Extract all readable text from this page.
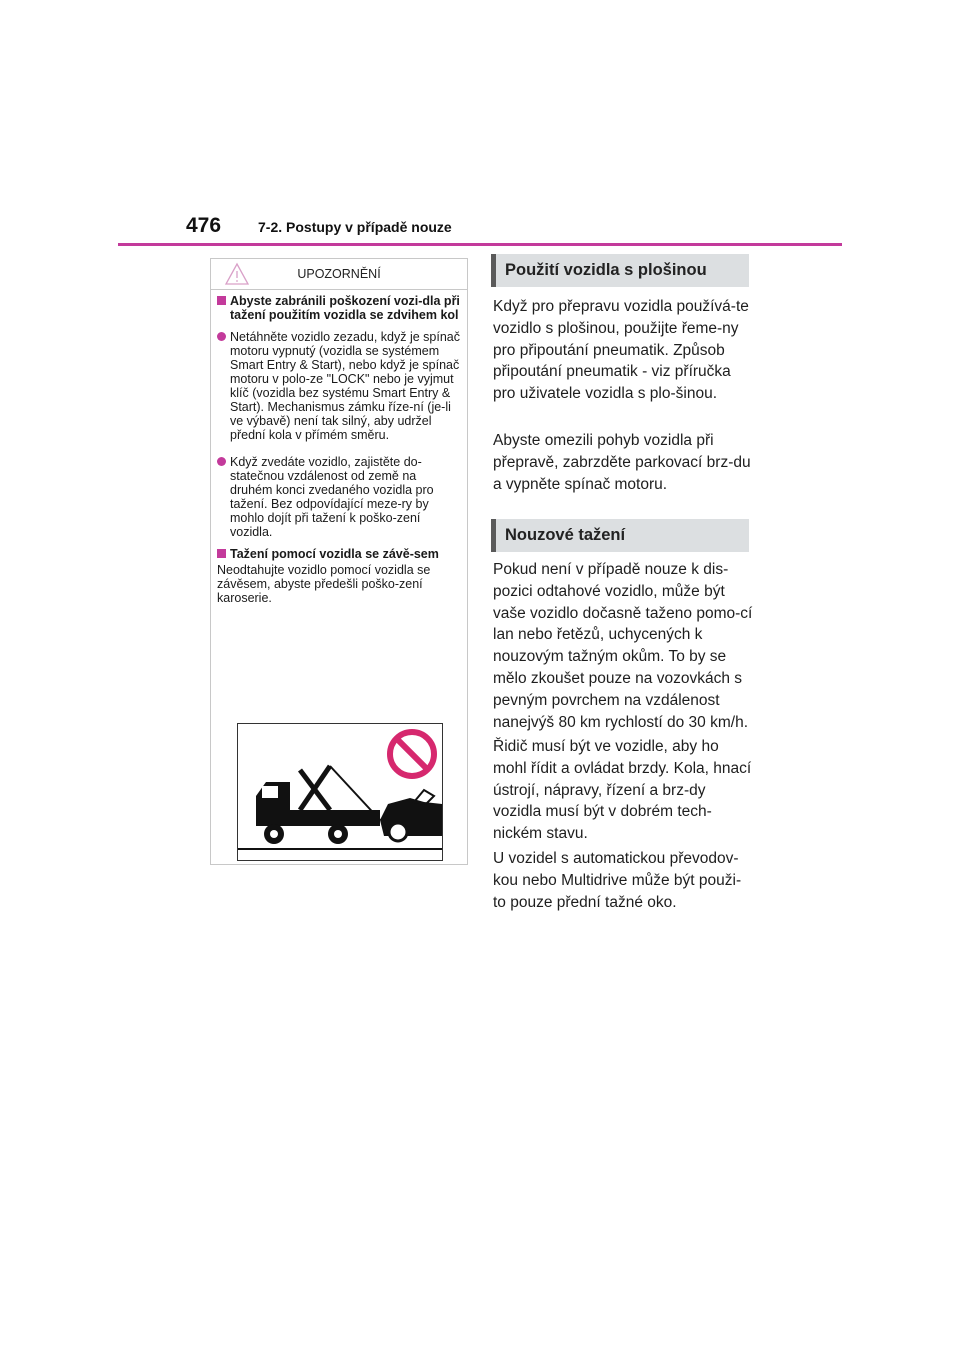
476	7-2. Postupy v případě nouze
UPOZORNĚNÍ
Abyste zabránili poškození vozi-dla při tažení použitím vozidla se zdvihem kol
Netáhněte vozidlo zezadu, když je spínač motoru vypnutý (vozidla se systémem Smart Entry & Start), nebo když je spínač motoru v polo-ze "LOCK" nebo je vyjmut klíč (vozidla bez systému Smart Entry & Start). Mechanismus zámku říze-ní (je-li ve výbavě) není tak silný, aby udržel přední kola v přímém směru.
Když zvedáte vozidlo, zajistěte do-statečnou vzdálenost od země na druhém konci zvedaného vozidla pro tažení. Bez odpovídající meze-ry by mohlo dojít při tažení k poško-zení vozidla.
Tažení pomocí vozidla se závě-sem
Neodtahujte vozidlo pomocí vozidla se závěsem, abyste předešli poško-zení karoserie.
Použití vozidla s plošinou
Když pro přepravu vozidla používá-te vozidlo s plošinou, použijte řeme-ny pro připoutání pneumatik. Způsob připoutání pneumatik - viz příručka pro uživatele vozidla s plo-šinou.
Abyste omezili pohyb vozidla při přepravě, zabrzděte parkovací brz-du a vypněte spínač motoru.
Nouzové tažení
Pokud není v případě nouze k dis-pozici odtahové vozidlo, může být vaše vozidlo dočasně taženo pomo-cí lan nebo řetězů, uchycených k nouzovým tažným okům. To by se mělo zkoušet pouze na vozovkách s pevným povrchem na vzdálenost nanejvýš 80 km rychlostí do 30 km/h.
Řidič musí být ve vozidle, aby ho mohl řídit a ovládat brzdy. Kola, hnací ústrojí, nápravy, řízení a brz-dy vozidla musí být v dobrém tech-nickém stavu.
U vozidel s automatickou převodov-kou nebo Multidrive může být použi-to pouze přední tažné oko.
